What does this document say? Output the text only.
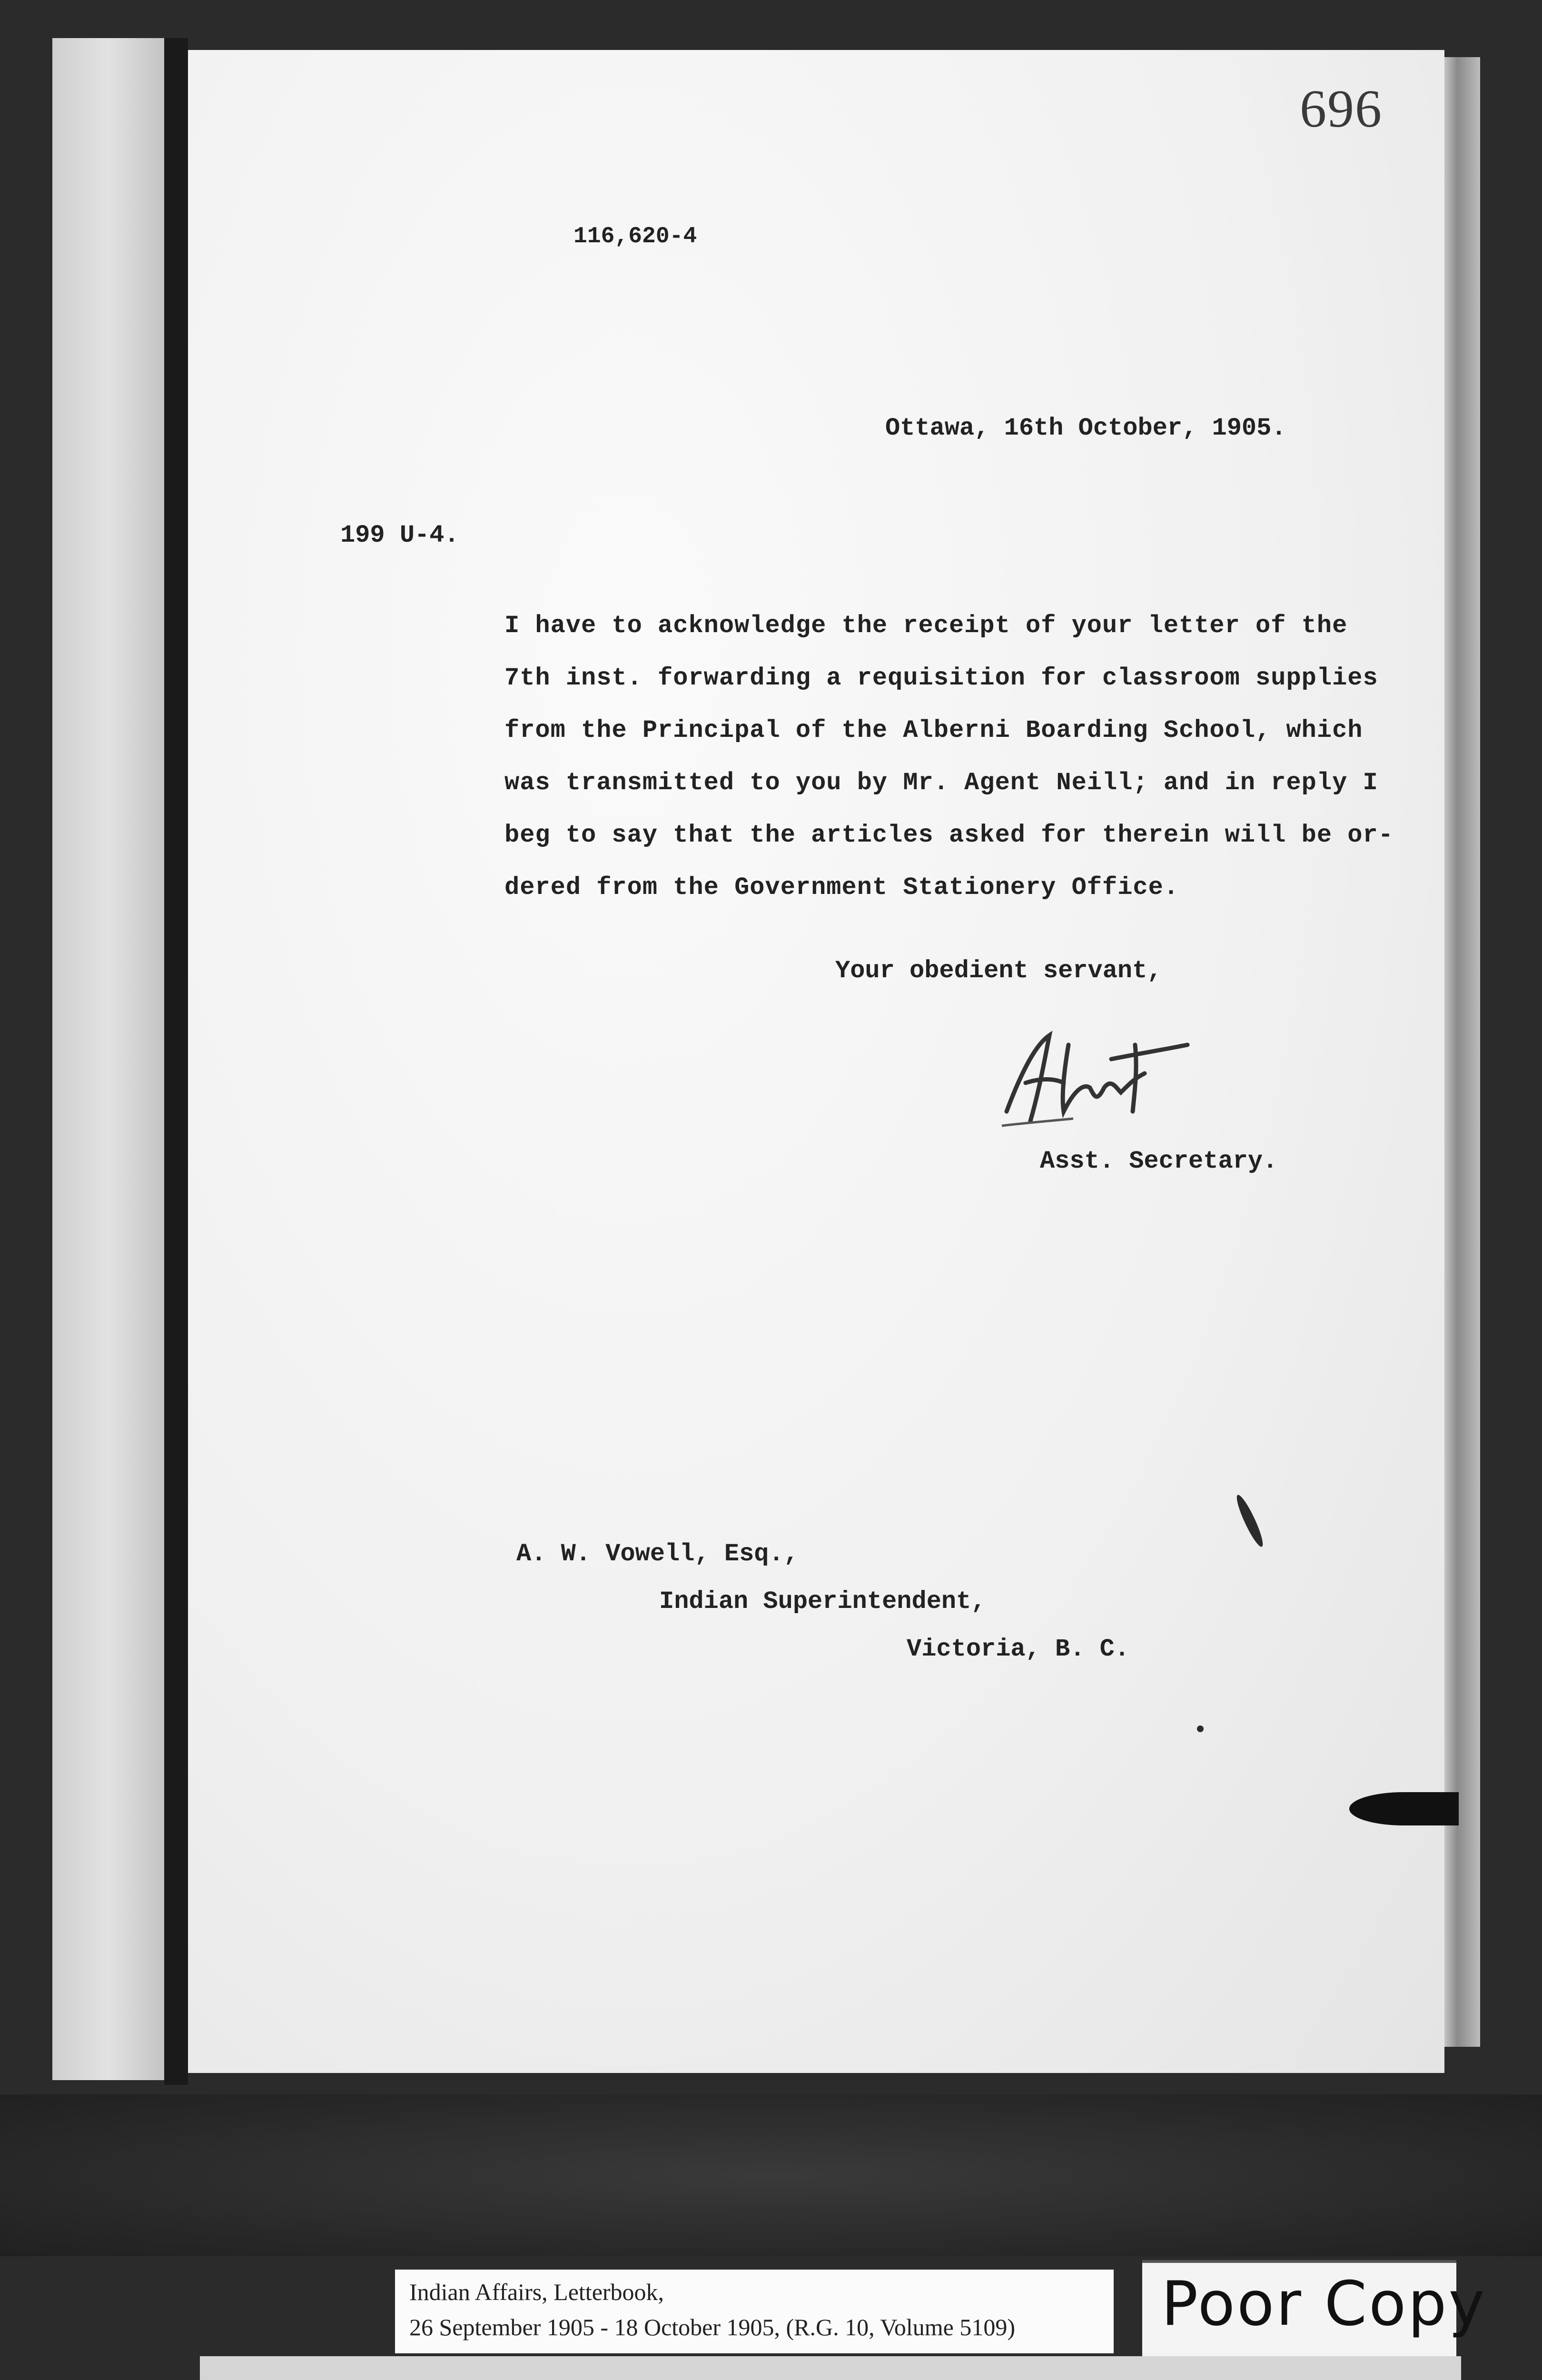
696
116,620-4
Ottawa, 16th October, 1905.
199 U-4.
I have to acknowledge the receipt of your letter of the
7th inst. forwarding a requisition for classroom supplies
from the Principal of the Alberni Boarding School, which
was transmitted to you by Mr. Agent Neill; and in reply I
beg to say that the articles asked for therein will be or-
dered from the Government Stationery Office.
Your obedient servant,
Asst. Secretary.
A. W. Vowell, Esq.,
Indian Superintendent,
Victoria, B. C.
Indian Affairs, Letterbook,
26 September 1905 - 18 October 1905, (R.G. 10, Volume 5109) Poor Copy
